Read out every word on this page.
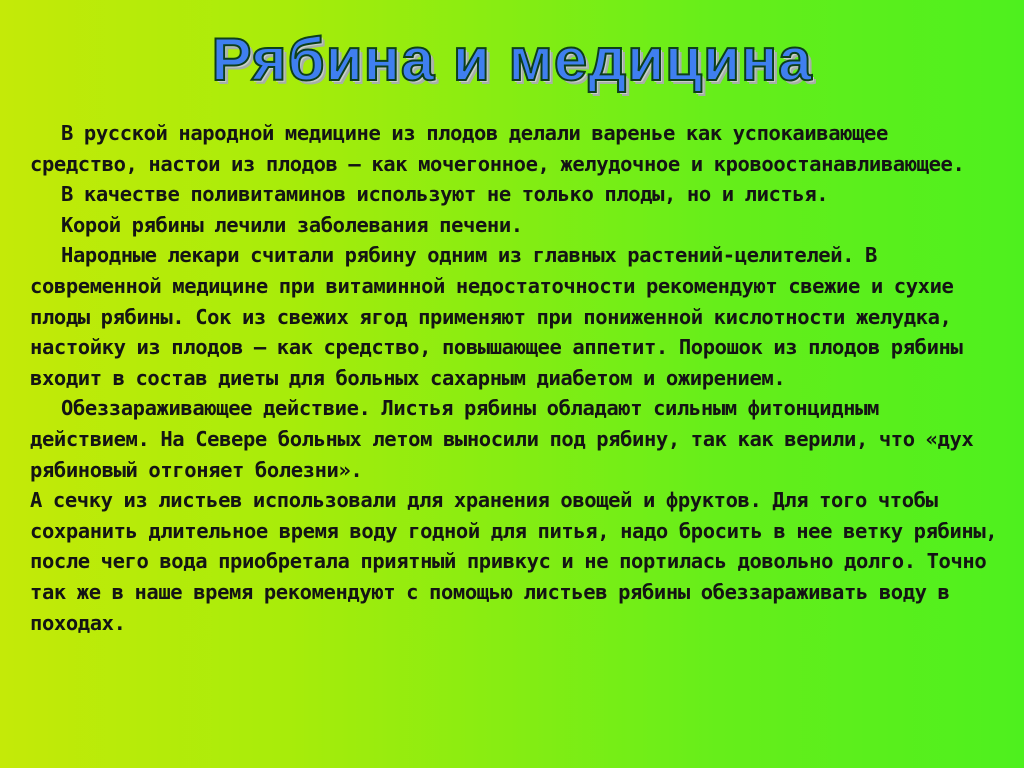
Рябина и медицина

В русской народной медицине из плодов делали варенье как успокаивающее средство, настои из плодов — как мочегонное, желудочное и кровоостанавливающее.

В качестве поливитаминов используют не только плоды, но и листья.

Корой рябины лечили заболевания печени.

Народные лекари считали рябину одним из главных растений-целителей. В современной медицине при витаминной недостаточности рекомендуют свежие и сухие плоды рябины. Сок из свежих ягод применяют при пониженной кислотности желудка, настойку из плодов — как средство, повышающее аппетит. Порошок из плодов рябины входит в состав диеты для больных сахарным диабетом и ожирением.

Обеззараживающее действие. Листья рябины обладают сильным фитонцидным действием. На Севере больных летом выносили под рябину, так как верили, что «дух рябиновый отгоняет болезни».

А сечку из листьев использовали для хранения овощей и фруктов. Для того чтобы сохранить длительное время воду годной для питья, надо бросить в нее ветку рябины, после чего вода приобретала приятный привкус и не портилась довольно долго. Точно так же в наше время рекомендуют с помощью листьев рябины обеззараживать воду в походах.
